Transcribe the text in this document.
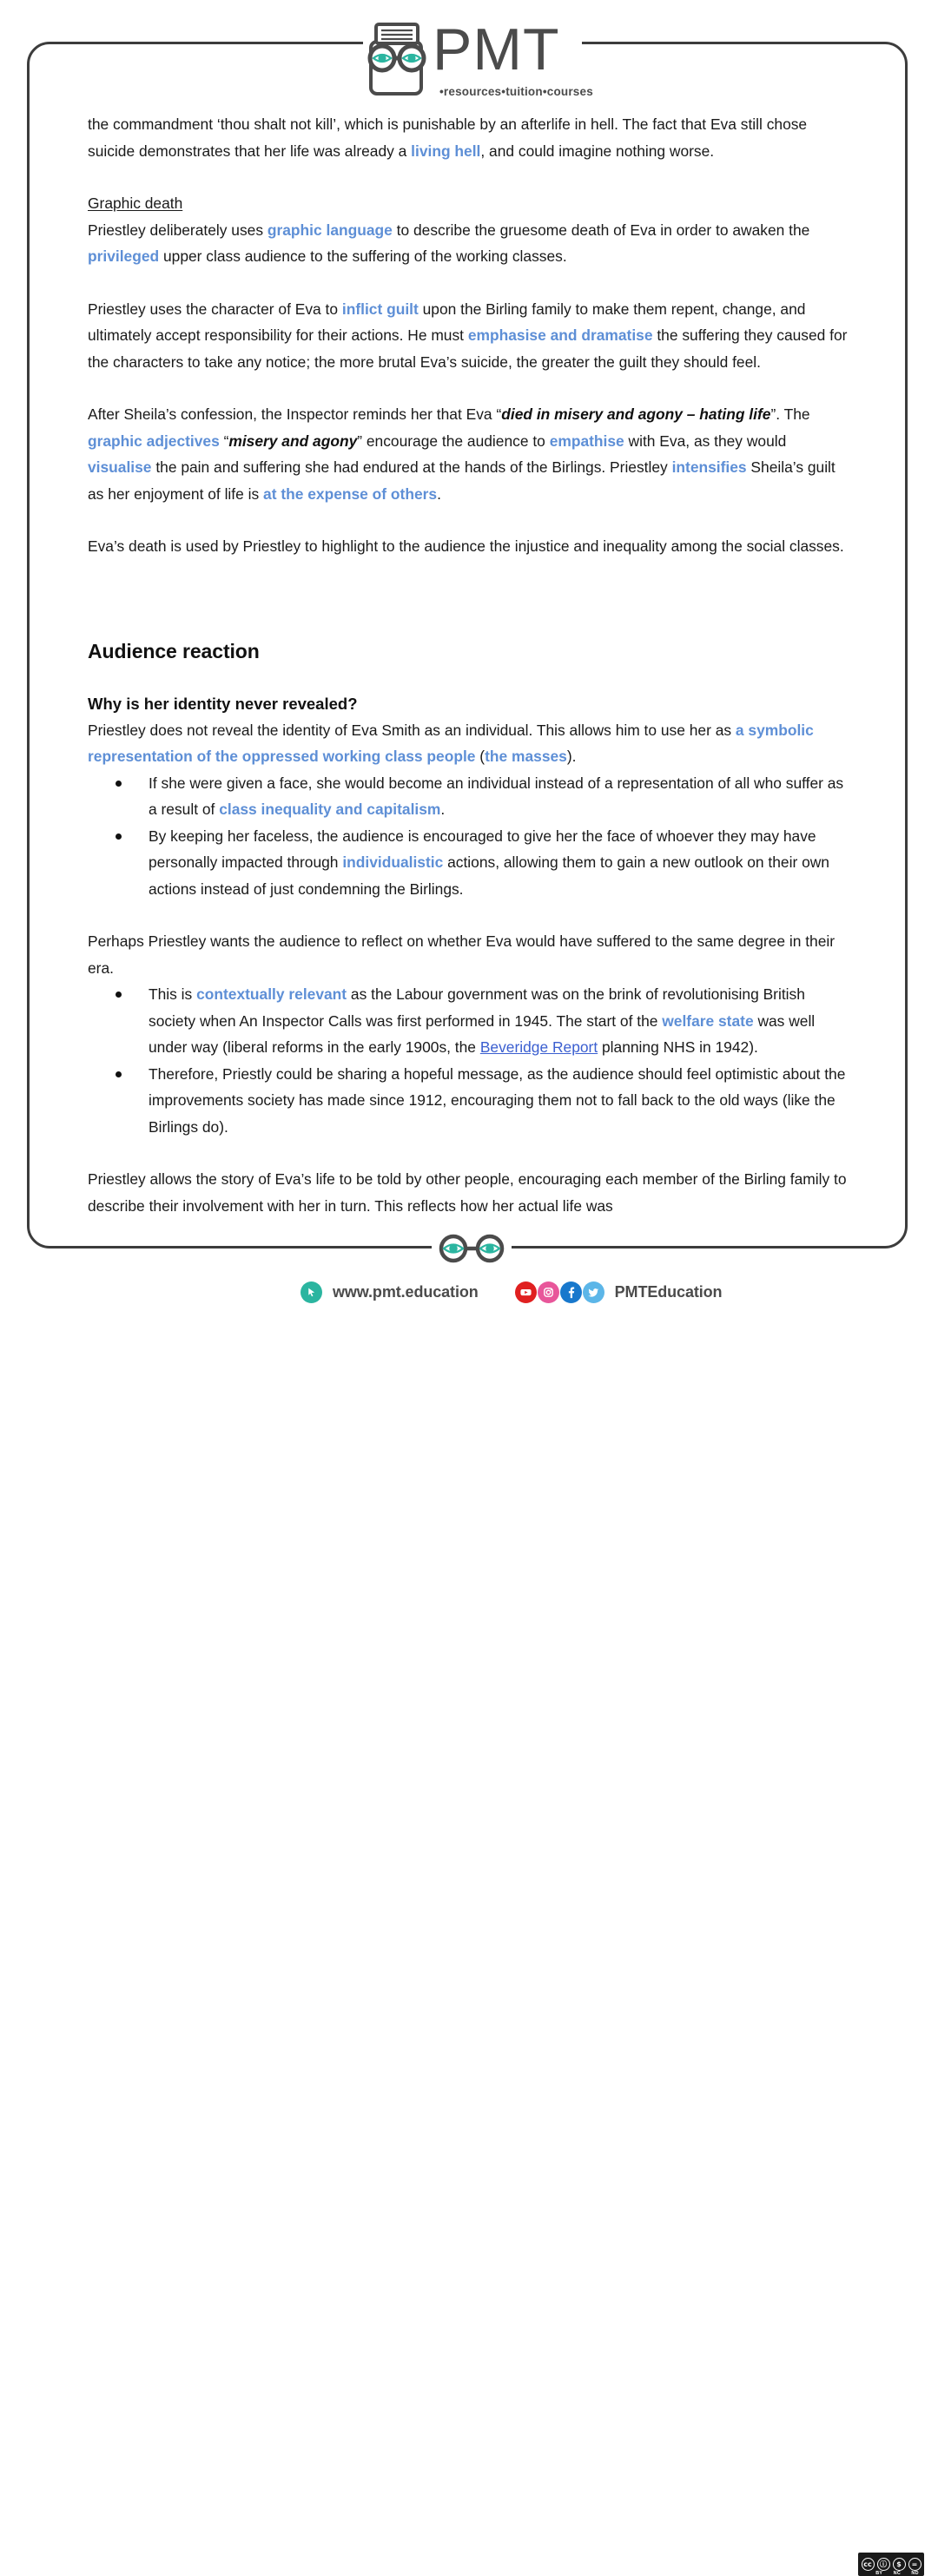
PMT
•resources•tuition•courses

the commandment ‘thou shalt not kill’, which is punishable by an afterlife in hell. The fact that Eva still chose suicide demonstrates that her life was already a living hell, and could imagine nothing worse.

Graphic death

Priestley deliberately uses graphic language to describe the gruesome death of Eva in order to awaken the privileged upper class audience to the suffering of the working classes.

Priestley uses the character of Eva to inflict guilt upon the Birling family to make them repent, change, and ultimately accept responsibility for their actions. He must emphasise and dramatise the suffering they caused for the characters to take any notice; the more brutal Eva’s suicide, the greater the guilt they should feel.

After Sheila’s confession, the Inspector reminds her that Eva “died in misery and agony – hating life”. The graphic adjectives “misery and agony” encourage the audience to empathise with Eva, as they would visualise the pain and suffering she had endured at the hands of the Birlings. Priestley intensifies Sheila’s guilt as her enjoyment of life is at the expense of others.

Eva’s death is used by Priestley to highlight to the audience the injustice and inequality among the social classes.

Audience reaction
Why is her identity never revealed?

Priestley does not reveal the identity of Eva Smith as an individual. This allows him to use her as a symbolic representation of the oppressed working class people (the masses).

If she were given a face, she would become an individual instead of a representation of all who suffer as a result of class inequality and capitalism.
By keeping her faceless, the audience is encouraged to give her the face of whoever they may have personally impacted through individualistic actions, allowing them to gain a new outlook on their own actions instead of just condemning the Birlings.

Perhaps Priestley wants the audience to reflect on whether Eva would have suffered to the same degree in their era.

This is contextually relevant as the Labour government was on the brink of revolutionising British society when An Inspector Calls was first performed in 1945. The start of the welfare state was well under way (liberal reforms in the early 1900s, the Beveridge Report planning NHS in 1942).
Therefore, Priestly could be sharing a hopeful message, as the audience should feel optimistic about the improvements society has made since 1912, encouraging them not to fall back to the old ways (like the Birlings do).

Priestley allows the story of Eva’s life to be told by other people, encouraging each member of the Birling family to describe their involvement with her in turn. This reflects how her actual life was

www.pmt.education	PMTEducation
cc	ⓘ	$	=
BY NC ND
